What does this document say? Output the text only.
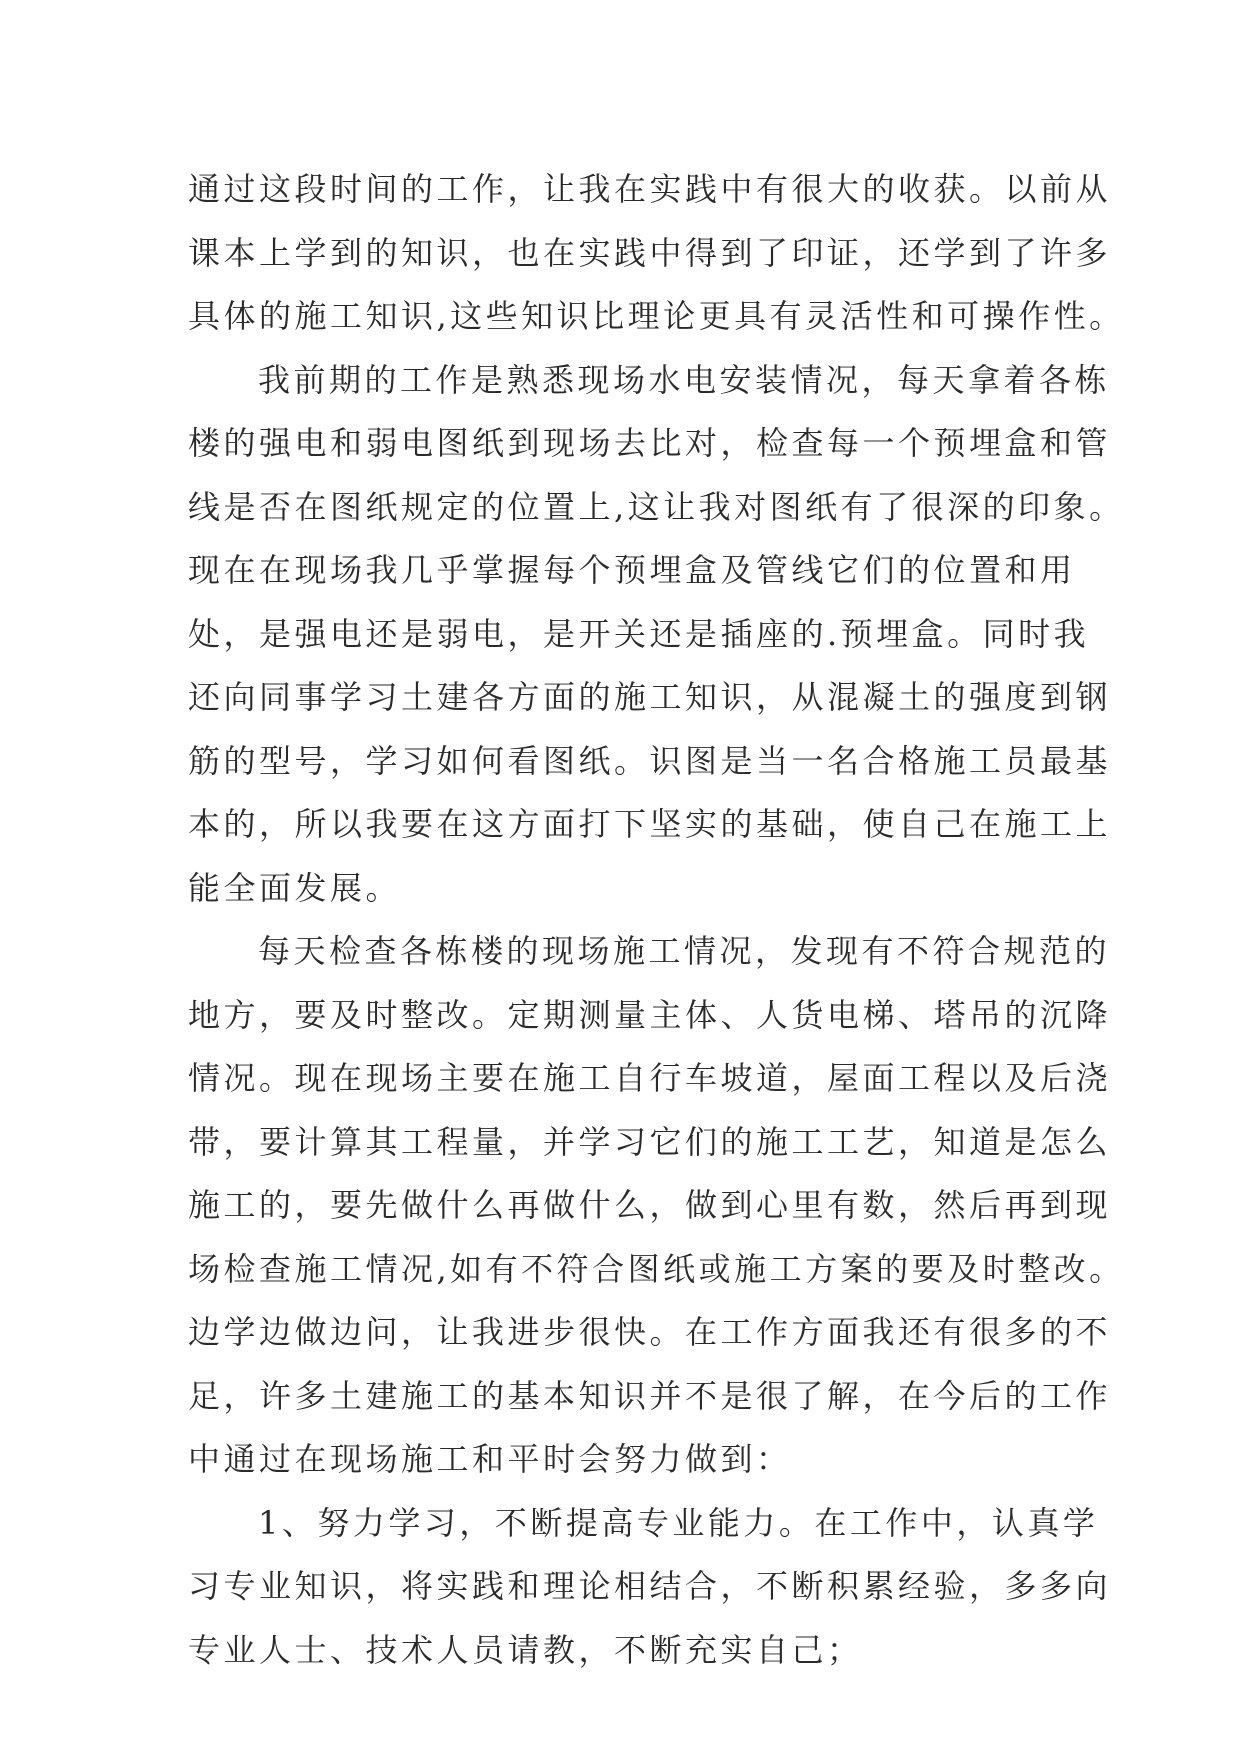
通过这段时间的工作，让我在实践中有很大的收获。以前从
课本上学到的知识，也在实践中得到了印证，还学到了许多
具体的施工知识,这些知识比理论更具有灵活性和可操作性。
我前期的工作是熟悉现场水电安装情况，每天拿着各栋
楼的强电和弱电图纸到现场去比对，检查每一个预埋盒和管
线是否在图纸规定的位置上,这让我对图纸有了很深的印象。
现在在现场我几乎掌握每个预埋盒及管线它们的位置和用
处，是强电还是弱电，是开关还是插座的.预埋盒。同时我
还向同事学习土建各方面的施工知识，从混凝土的强度到钢
筋的型号，学习如何看图纸。识图是当一名合格施工员最基
本的，所以我要在这方面打下坚实的基础，使自己在施工上
能全面发展。
每天检查各栋楼的现场施工情况，发现有不符合规范的
地方，要及时整改。定期测量主体、人货电梯、塔吊的沉降
情况。现在现场主要在施工自行车坡道，屋面工程以及后浇
带，要计算其工程量，并学习它们的施工工艺，知道是怎么
施工的，要先做什么再做什么，做到心里有数，然后再到现
场检查施工情况,如有不符合图纸或施工方案的要及时整改。
边学边做边问，让我进步很快。在工作方面我还有很多的不
足，许多土建施工的基本知识并不是很了解，在今后的工作
中通过在现场施工和平时会努力做到：
1、努力学习，不断提高专业能力。在工作中，认真学
习专业知识，将实践和理论相结合，不断积累经验，多多向
专业人士、技术人员请教，不断充实自己；
